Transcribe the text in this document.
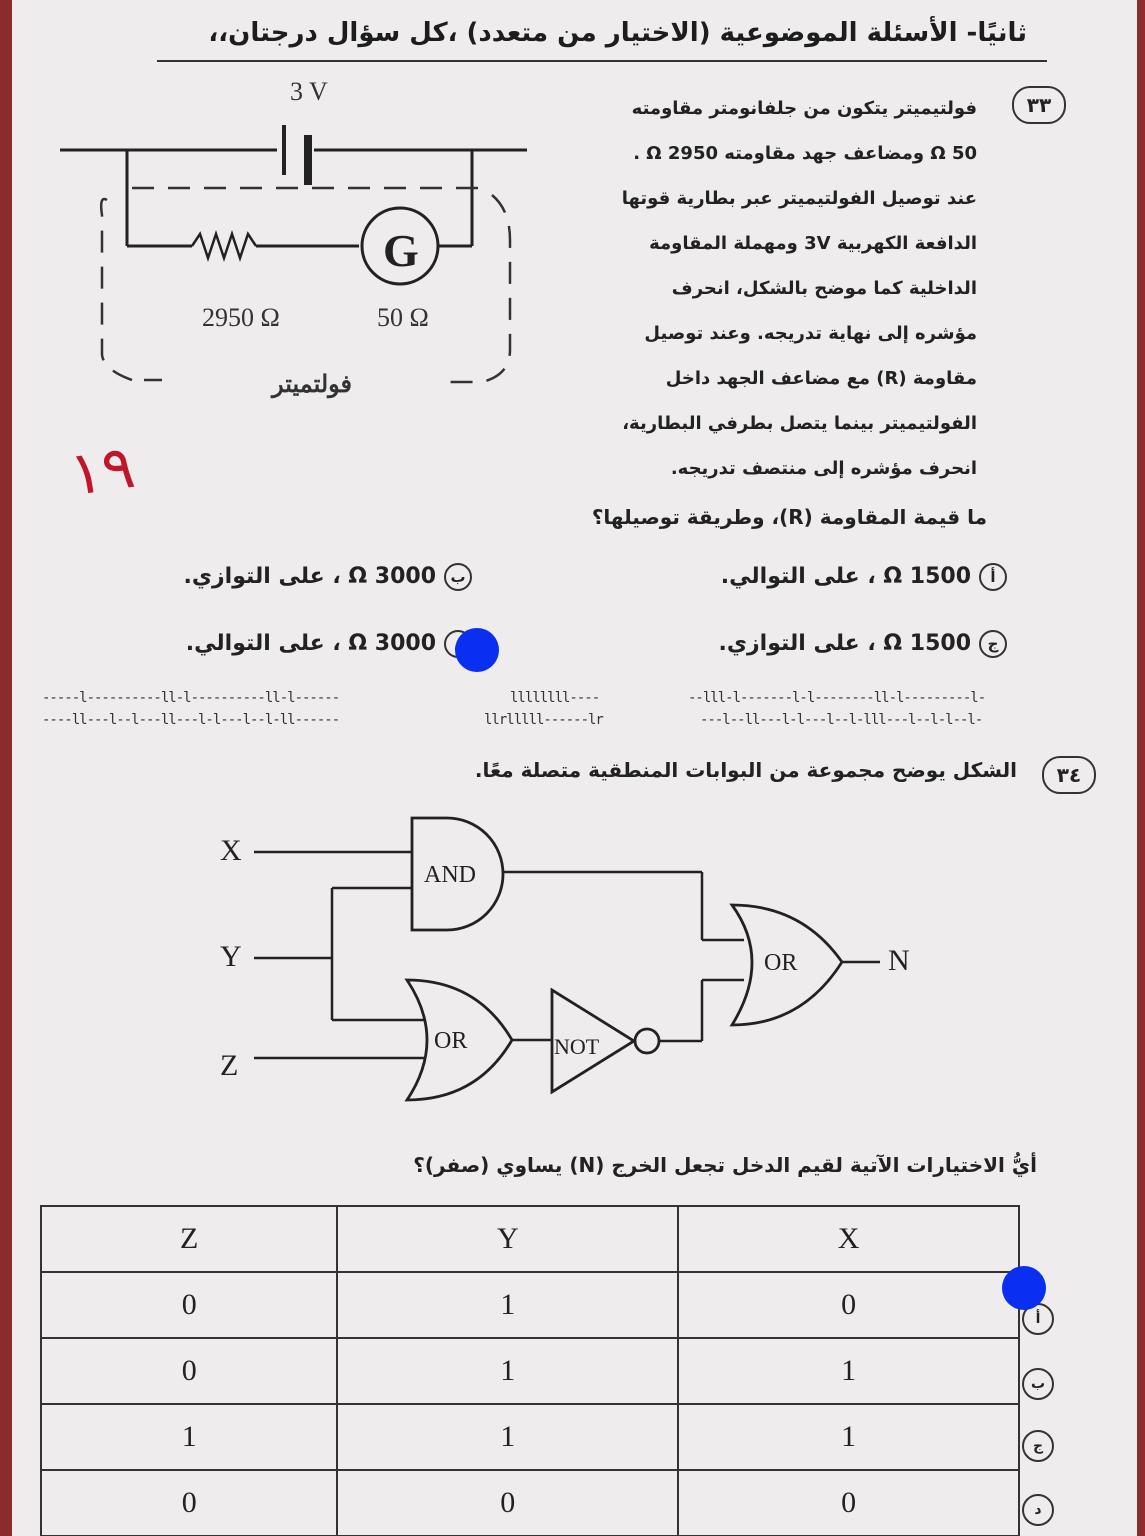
ثانيًا- الأسئلة الموضوعية (الاختيار من متعدد) ،كل سؤال درجتان،،
٣٣
فولتيميتر يتكون من جلفانومتر مقاومته
50 Ω ومضاعف جهد مقاومته 2950 Ω .
عند توصيل الفولتيميتر عبر بطارية قوتها
الدافعة الكهربية 3V ومهملة المقاومة
الداخلية كما موضح بالشكل، انحرف
مؤشره إلى نهاية تدريجه. وعند توصيل
مقاومة (R) مع مضاعف الجهد داخل
الفولتيميتر بينما يتصل بطرفي البطارية،
انحرف مؤشره إلى منتصف تدريجه.
3 V
G
2950 Ω	50 Ω
فولتميتر
١٩
ما قيمة المقاومة (R)، وطريقة توصيلها؟
أ1500 Ω ، على التوالي.
ب3000 Ω ، على التوازي.
ج1500 Ω ، على التوازي.
3000 Ω ، على التوالي.
-----l----------ll-l----------ll-l------
----ll---l--l---ll---l-l---l--l-ll------
llllllll----
llrlllll------lr
--lll-l-------l-l--------ll-l---------l-
---l--ll---l-l---l--l-lll---l--l-l--l-
٣٤
الشكل يوضح مجموعة من البوابات المنطقية متصلة معًا.
X
Y
Z
AND
OR	NOT
OR	N
أيُّ الاختيارات الآتية لقيم الدخل تجعل الخرج (N) يساوي (صفر)؟
Z	Y	X
0	1	0
0	1	1
1	1	1
0	0	0
أ
ب
ج
د
